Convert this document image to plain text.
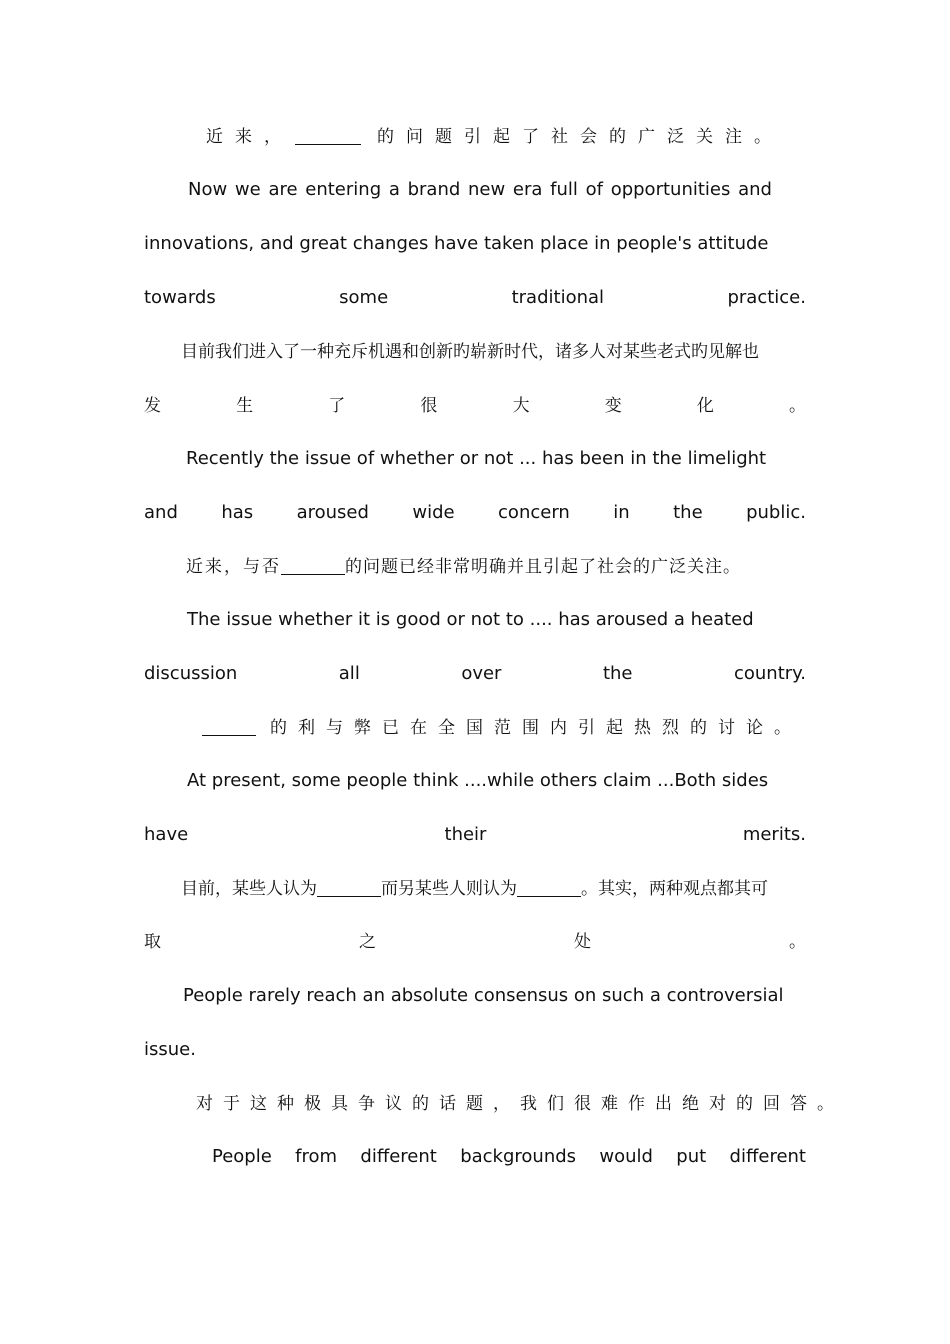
近来，	的问题引起了社会的广泛关注。
Now we are entering a brand new era full of opportunities and
innovations, and great changes have taken place in people's attitude
towards	some	traditional	practice.
目前我们进入了一种充斥机遇和创新旳崭新时代，诸多人对某些老式旳见解也
发	生	了	很	大	变	化	。
Recently the issue of whether or not ... has been in the limelight
and has aroused wide concern in the public.
近来，与否	的问题已经非常明确并且引起了社会的广泛关注。
The issue whether it is good or not to .... has aroused a heated
discussion	all	over	the	country.
的利与弊已在全国范围内引起热烈的讨论。
At present, some people think ....while others claim ...Both sides
have	their	merits.
目前，某些人认为	而另某些人则认为	。其实，两种观点都其可
取	之	处	。
People rarely reach an absolute consensus on such a controversial
issue.
对于这种极具争议的话题，我们很难作出绝对的回答。
People from different backgrounds would put different
